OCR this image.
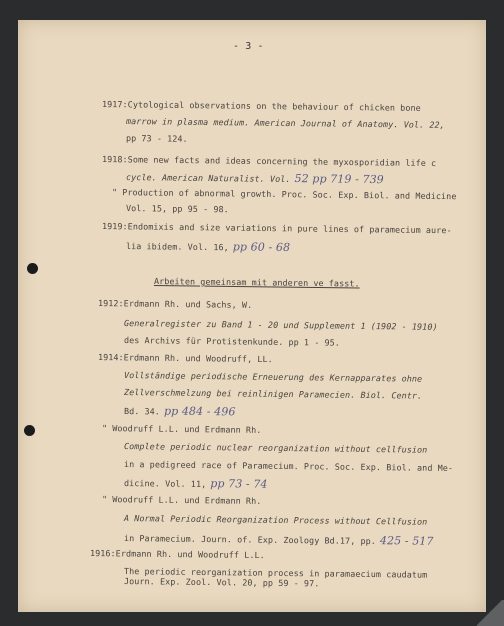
- 3 -
1917:Cytological observations on the behaviour of chicken bone
marrow in plasma medium. American Journal of Anatomy. Vol. 22,
pp 73 - 124.
1918:Some new facts and ideas concerning the myxosporidian life c
cycle. American Naturalist. Vol. 52 pp 719 - 739
" Production of abnormal growth. Proc. Soc. Exp. Biol. and Medicine
Vol. 15, pp 95 - 98.
1919:Endomixis and size variations in pure lines of paramecium aure-
lia ibidem. Vol. 16, pp 60 - 68
Arbeiten gemeinsam mit anderen ve fasst.
1912:Erdmann Rh. und Sachs, W.
Generalregister zu Band 1 - 20 und Supplement 1 (1902 - 1910)
des Archivs für Protistenkunde. pp 1 - 95.
1914:Erdmann Rh. und Woodruff, LL.
Vollständige periodische Erneuerung des Kernapparates ohne
Zellverschmelzung bei reinlinigen Paramecien. Biol. Centr.
Bd. 34. pp 484 - 496
" Woodruff L.L. und Erdmann Rh.
Complete periodic nuclear reorganization without cellfusion
in a pedigreed race of Paramecium. Proc. Soc. Exp. Biol. and Me-
dicine. Vol. 11, pp 73 - 74
" Woodruff L.L. und Erdmann Rh.
A Normal Periodic Reorganization Process without Cellfusion
in Paramecium. Journ. of. Exp. Zoology Bd.17, pp. 425 - 517
1916:Erdmann Rh. und Woodruff L.L.
The periodic reorganization process in paramaecium caudatum
Journ. Exp. Zool. Vol. 20, pp 59 - 97.
